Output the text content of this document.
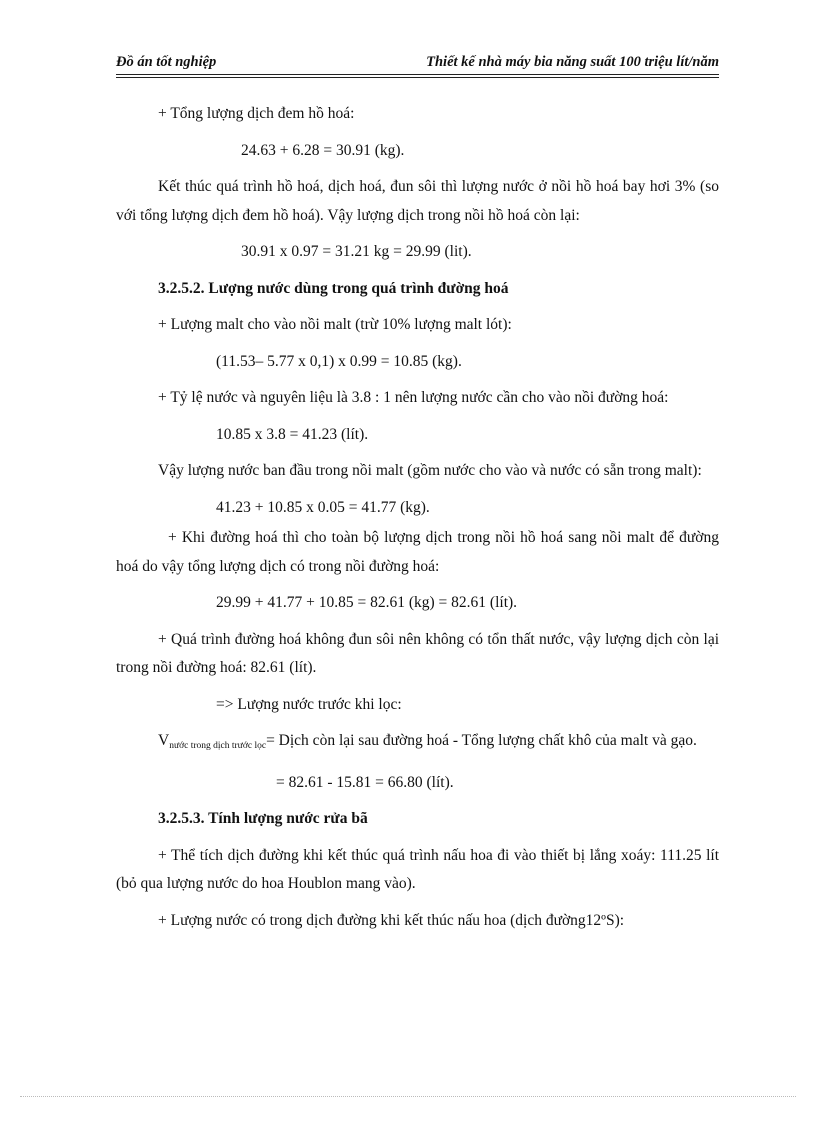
Đồ án tốt nghiệp	Thiết kế nhà máy bia năng suất 100 triệu lít/năm

+ Tổng lượng dịch đem hồ hoá:

24.63 + 6.28 = 30.91 (kg).

Kết thúc quá trình hồ hoá, dịch hoá, đun sôi thì lượng nước ở nồi hồ hoá bay hơi 3% (so với tổng lượng dịch đem hồ hoá). Vậy lượng dịch trong nồi hồ hoá còn lại:

30.91 x 0.97 = 31.21 kg = 29.99 (lit).

3.2.5.2. Lượng nước dùng trong quá trình đường hoá

+ Lượng malt cho vào nồi malt (trừ 10% lượng malt lót):

(11.53– 5.77 x 0,1) x 0.99 = 10.85 (kg).

+ Tỷ lệ nước và nguyên liệu là 3.8 : 1 nên lượng nước cần cho vào nồi đường hoá:

10.85 x 3.8 = 41.23 (lít).

Vậy lượng nước ban đầu trong nồi malt (gồm nước cho vào và nước có sẵn trong malt):

41.23 + 10.85 x 0.05 = 41.77 (kg).

+ Khi đường hoá thì cho toàn bộ lượng dịch trong nồi hồ hoá sang nồi malt để đường hoá do vậy tổng lượng dịch có trong nồi đường hoá:

29.99 + 41.77 + 10.85 = 82.61 (kg) = 82.61 (lít).

+ Quá trình đường hoá không đun sôi nên không có tổn thất nước, vậy lượng dịch còn lại trong nồi đường hoá: 82.61 (lít).

=> Lượng nước trước khi lọc:

$V_{nước trong dịch trước lọc}=$ Dịch còn lại sau đường hoá - Tổng lượng chất khô của malt và gạo.

= 82.61 - 15.81 = 66.80 (lít).

3.2.5.3. Tính lượng nước rửa bã

+ Thể tích dịch đường khi kết thúc quá trình nấu hoa đi vào thiết bị lắng xoáy: 111.25 lít (bỏ qua lượng nước do hoa Houblon mang vào).

+ Lượng nước có trong dịch đường khi kết thúc nấu hoa (dịch đường12ºS):
